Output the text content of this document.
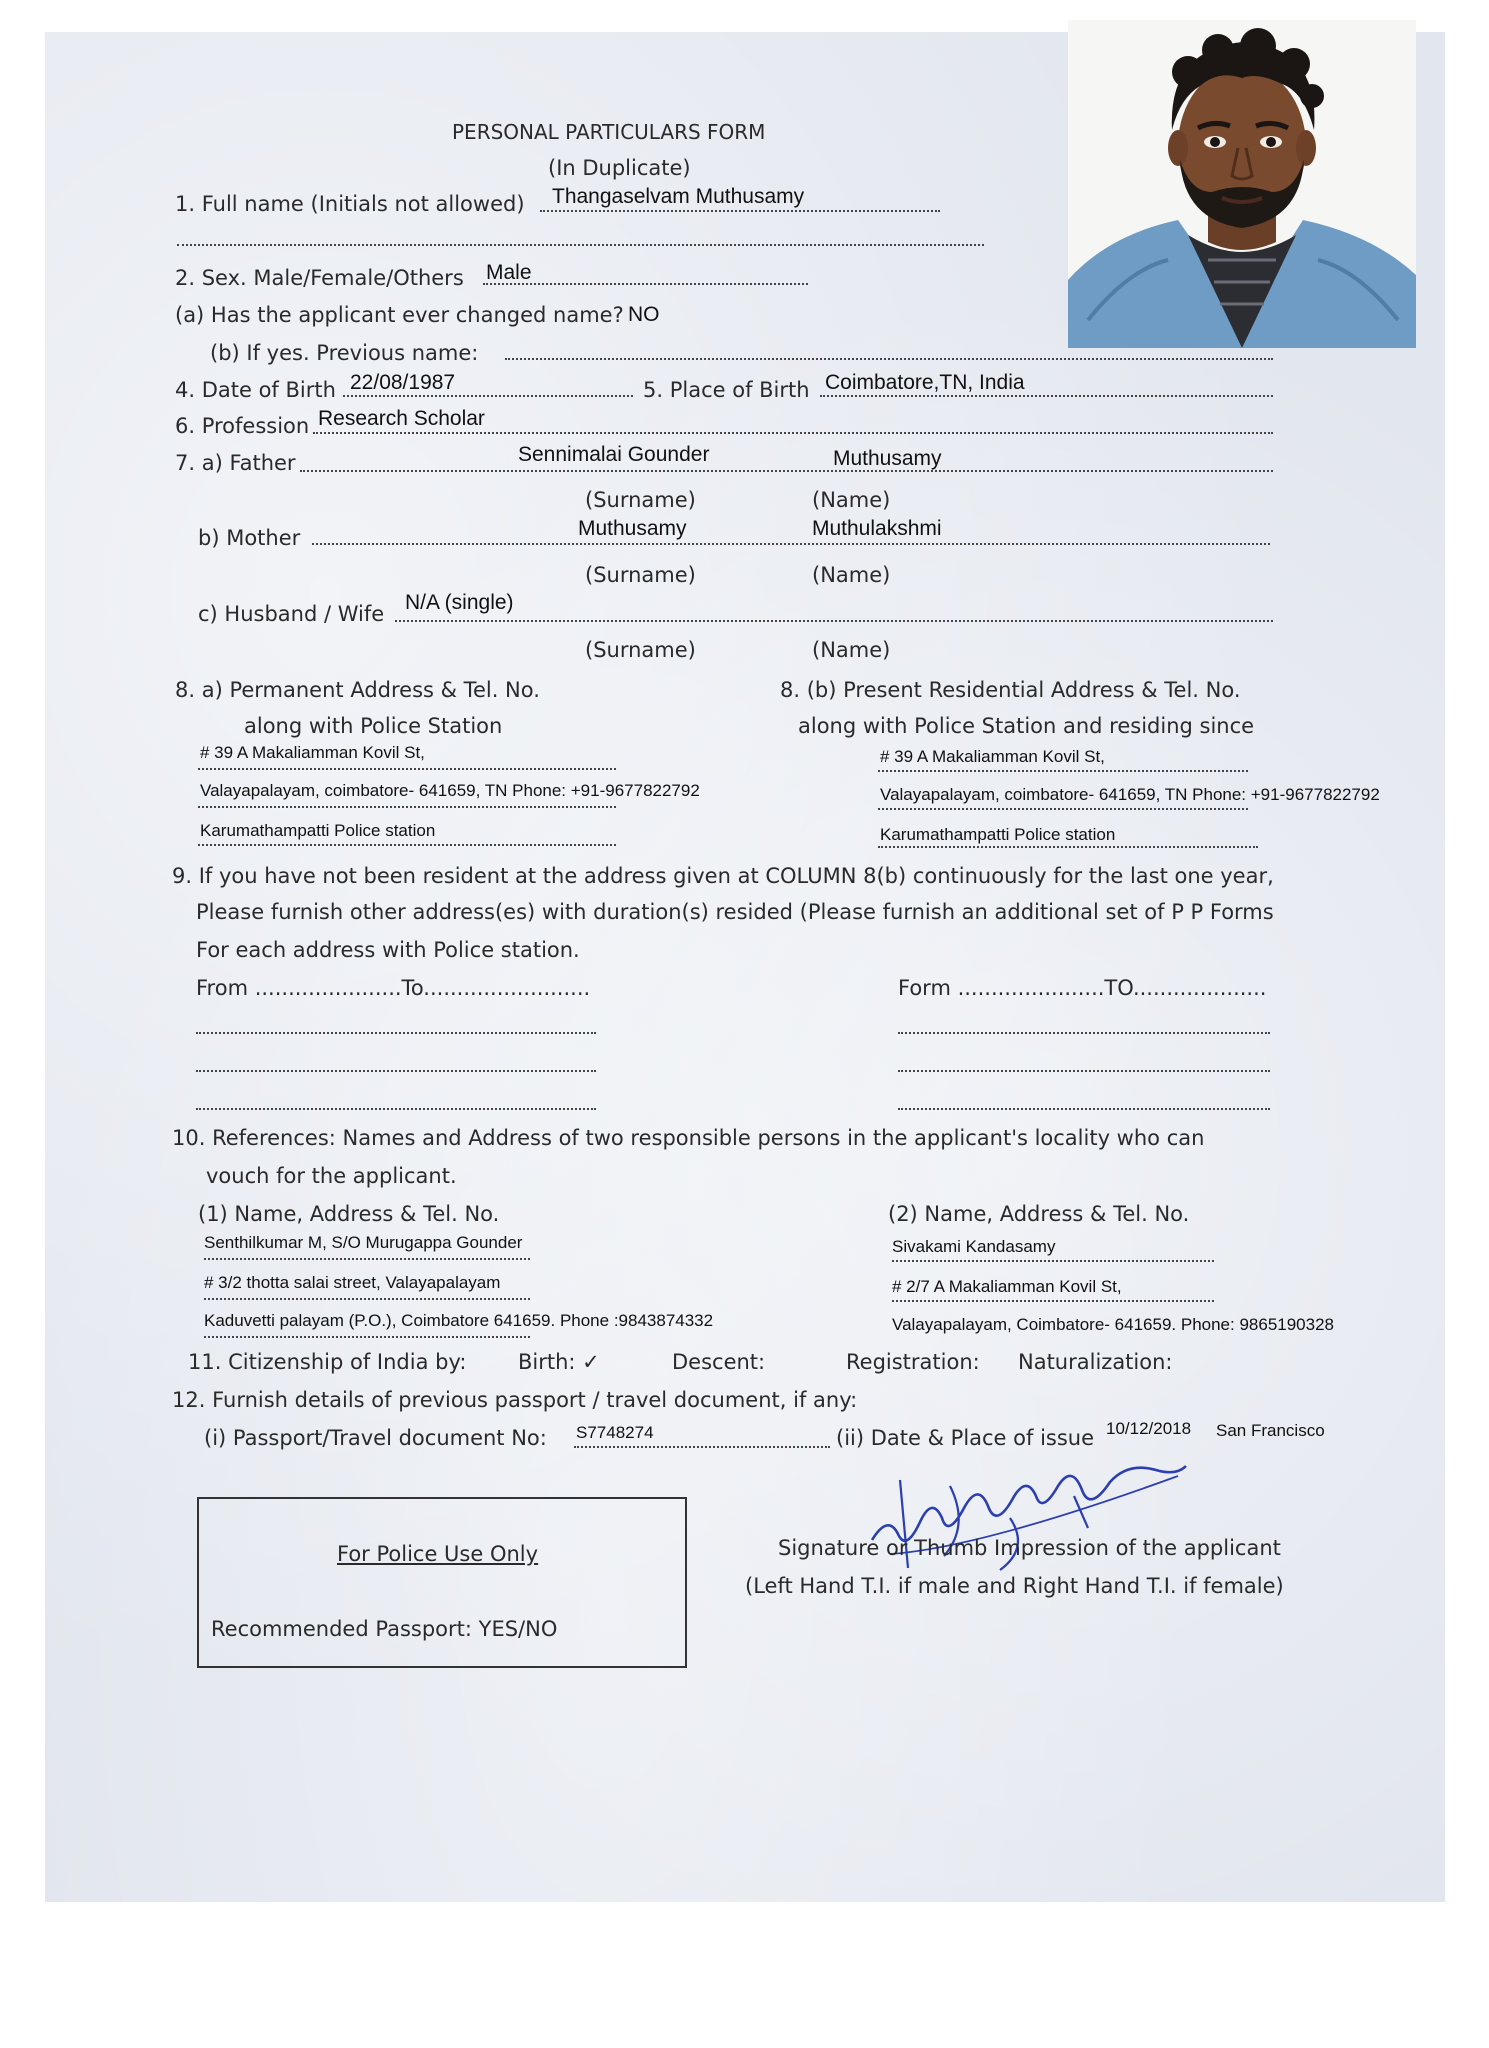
PERSONAL PARTICULARS FORM
(In Duplicate)
1. Full name (Initials not allowed) Thangaselvam Muthusamy
2. Sex. Male/Female/Others Male
(a) Has the applicant ever changed name? NO
(b) If yes. Previous name:
4. Date of Birth 22/08/1987	5. Place of Birth Coimbatore,TN, India
6. Profession Research Scholar
7. a) Father	Sennimalai Gounder	Muthusamy
(Surname)	(Name)
b) Mother	Muthusamy	Muthulakshmi
(Surname)	(Name)
c) Husband / Wife N/A (single)
(Surname)	(Name)
8. a) Permanent Address & Tel. No.
along with Police Station
# 39 A Makaliamman Kovil St,
Valayapalayam, coimbatore- 641659, TN Phone: +91-9677822792
Karumathampatti Police station
8. (b) Present Residential Address & Tel. No.
along with Police Station and residing since
# 39 A Makaliamman Kovil St,
Valayapalayam, coimbatore- 641659, TN Phone: +91-9677822792
Karumathampatti Police station
9. If you have not been resident at the address given at COLUMN 8(b) continuously for the last one year,
Please furnish other address(es) with duration(s) resided (Please furnish an additional set of P P Forms
For each address with Police station.
From ......................To.........................	Form ......................TO....................
10. References: Names and Address of two responsible persons in the applicant's locality who can
vouch for the applicant.
(1) Name, Address & Tel. No.
Senthilkumar M, S/O Murugappa Gounder
# 3/2 thotta salai street, Valayapalayam
Kaduvetti palayam (P.O.), Coimbatore 641659. Phone :9843874332
(2) Name, Address & Tel. No.
Sivakami Kandasamy
# 2/7 A Makaliamman Kovil St,
Valayapalayam, Coimbatore- 641659. Phone: 9865190328
11. Citizenship of India by: Birth: ✓	Descent:	Registration: Naturalization:
12. Furnish details of previous passport / travel document, if any:
(i) Passport/Travel document No: S7748274	(ii) Date & Place of issue 10/12/2018 San Francisco
For Police Use Only
Recommended Passport: YES/NO
Signature or Thumb Impression of the applicant
(Left Hand T.I. if male and Right Hand T.I. if female)
